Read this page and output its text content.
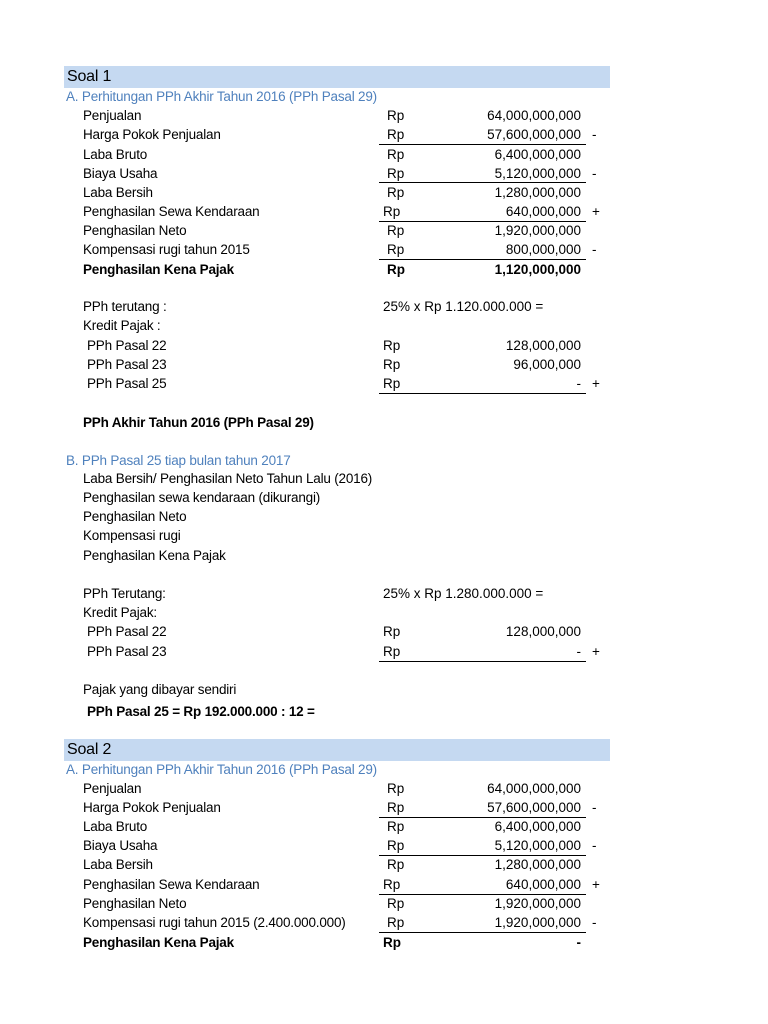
Soal 1
A. Perhitungan PPh Akhir Tahun 2016 (PPh Pasal 29)
Penjualan	Rp	64,000,000,000
Harga Pokok Penjualan	Rp	57,600,000,000 -
Laba Bruto	Rp	6,400,000,000
Biaya Usaha	Rp	5,120,000,000 -
Laba Bersih	Rp	1,280,000,000
Penghasilan Sewa Kendaraan	Rp	640,000,000 +
Penghasilan Neto	Rp	1,920,000,000
Kompensasi rugi tahun 2015	Rp	800,000,000 -
Penghasilan Kena Pajak	Rp	1,120,000,000
PPh terutang :	25% x Rp 1.120.000.000 =
Kredit Pajak :
PPh Pasal 22	Rp	128,000,000
PPh Pasal 23	Rp	96,000,000
PPh Pasal 25	Rp	- +
PPh Akhir Tahun 2016 (PPh Pasal 29)
B. PPh Pasal 25 tiap bulan tahun 2017
Laba Bersih/ Penghasilan Neto Tahun Lalu (2016)
Penghasilan sewa kendaraan (dikurangi)
Penghasilan Neto
Kompensasi rugi
Penghasilan Kena Pajak
PPh Terutang:	25% x Rp 1.280.000.000 =
Kredit Pajak:
PPh Pasal 22	Rp	128,000,000
PPh Pasal 23	Rp	- +
Pajak yang dibayar sendiri
PPh Pasal 25 = Rp 192.000.000 : 12 =
Soal 2
A. Perhitungan PPh Akhir Tahun 2016 (PPh Pasal 29)
Penjualan	Rp	64,000,000,000
Harga Pokok Penjualan	Rp	57,600,000,000 -
Laba Bruto	Rp	6,400,000,000
Biaya Usaha	Rp	5,120,000,000 -
Laba Bersih	Rp	1,280,000,000
Penghasilan Sewa Kendaraan	Rp	640,000,000 +
Penghasilan Neto	Rp	1,920,000,000
Kompensasi rugi tahun 2015 (2.400.000.000)	Rp	1,920,000,000 -
Penghasilan Kena Pajak	Rp	-
